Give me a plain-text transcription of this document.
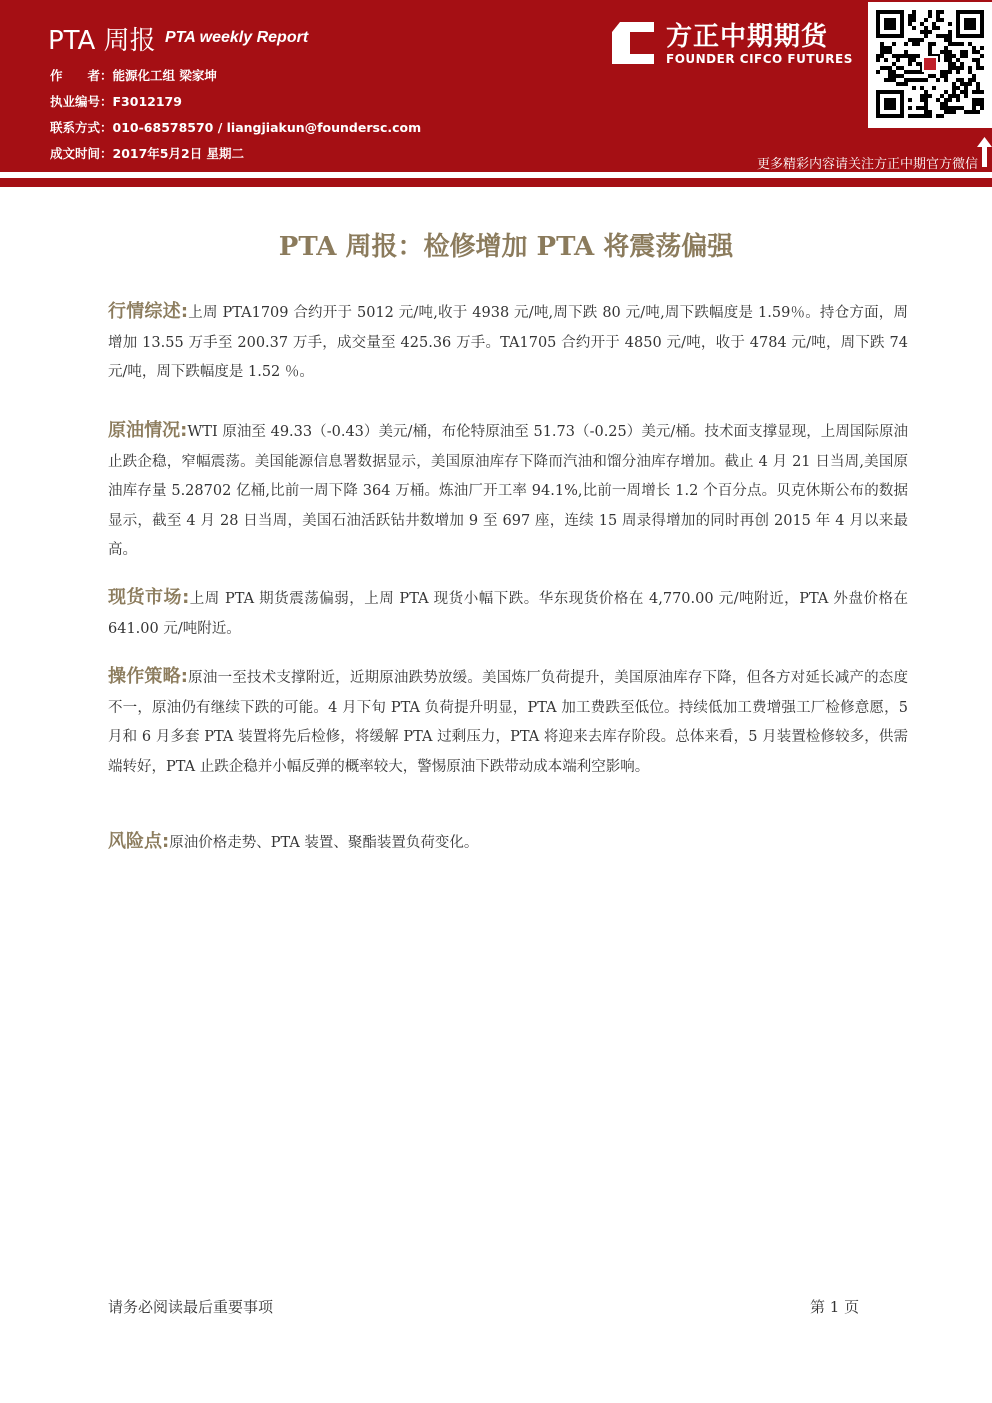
PTA 周报 PTA weekly Report
作　　者：能源化工组 梁家坤
执业编号：F3012179
联系方式：010-68578570 / liangjiakun@foundersc.com
成文时间：2017年5月2日 星期二
方正中期期货
FOUNDER CIFCO FUTURES
更多精彩内容请关注方正中期官方微信
PTA 周报：检修增加 PTA 将震荡偏强
行情综述:上周 PTA1709 合约开于 5012 元/吨,收于 4938 元/吨,周下跌 80 元/吨,周下跌幅度是 1.59％。持仓方面，周增加 13.55 万手至 200.37 万手，成交量至 425.36 万手。TA1705 合约开于 4850 元/吨，收于 4784 元/吨，周下跌 74 元/吨，周下跌幅度是 1.52 ％。
原油情况:WTI 原油至 49.33（-0.43）美元/桶，布伦特原油至 51.73（-0.25）美元/桶。技术面支撑显现，上周国际原油止跌企稳，窄幅震荡。美国能源信息署数据显示，美国原油库存下降而汽油和馏分油库存增加。截止 4 月 21 日当周,美国原油库存量 5.28702 亿桶,比前一周下降 364 万桶。炼油厂开工率 94.1%,比前一周增长 1.2 个百分点。贝克休斯公布的数据显示，截至 4 月 28 日当周，美国石油活跃钻井数增加 9 至 697 座，连续 15 周录得增加的同时再创 2015 年 4 月以来最高。
现货市场:上周 PTA 期货震荡偏弱，上周 PTA 现货小幅下跌。华东现货价格在 4,770.00 元/吨附近，PTA 外盘价格在 641.00 元/吨附近。
操作策略:原油一至技术支撑附近，近期原油跌势放缓。美国炼厂负荷提升，美国原油库存下降，但各方对延长减产的态度不一，原油仍有继续下跌的可能。4 月下旬 PTA 负荷提升明显，PTA 加工费跌至低位。持续低加工费增强工厂检修意愿，5 月和 6 月多套 PTA 装置将先后检修，将缓解 PTA 过剩压力，PTA 将迎来去库存阶段。总体来看，5 月装置检修较多，供需端转好，PTA 止跌企稳并小幅反弹的概率较大，警惕原油下跌带动成本端利空影响。
风险点:原油价格走势、PTA 装置、聚酯装置负荷变化。
请务必阅读最后重要事项	第 1 页
